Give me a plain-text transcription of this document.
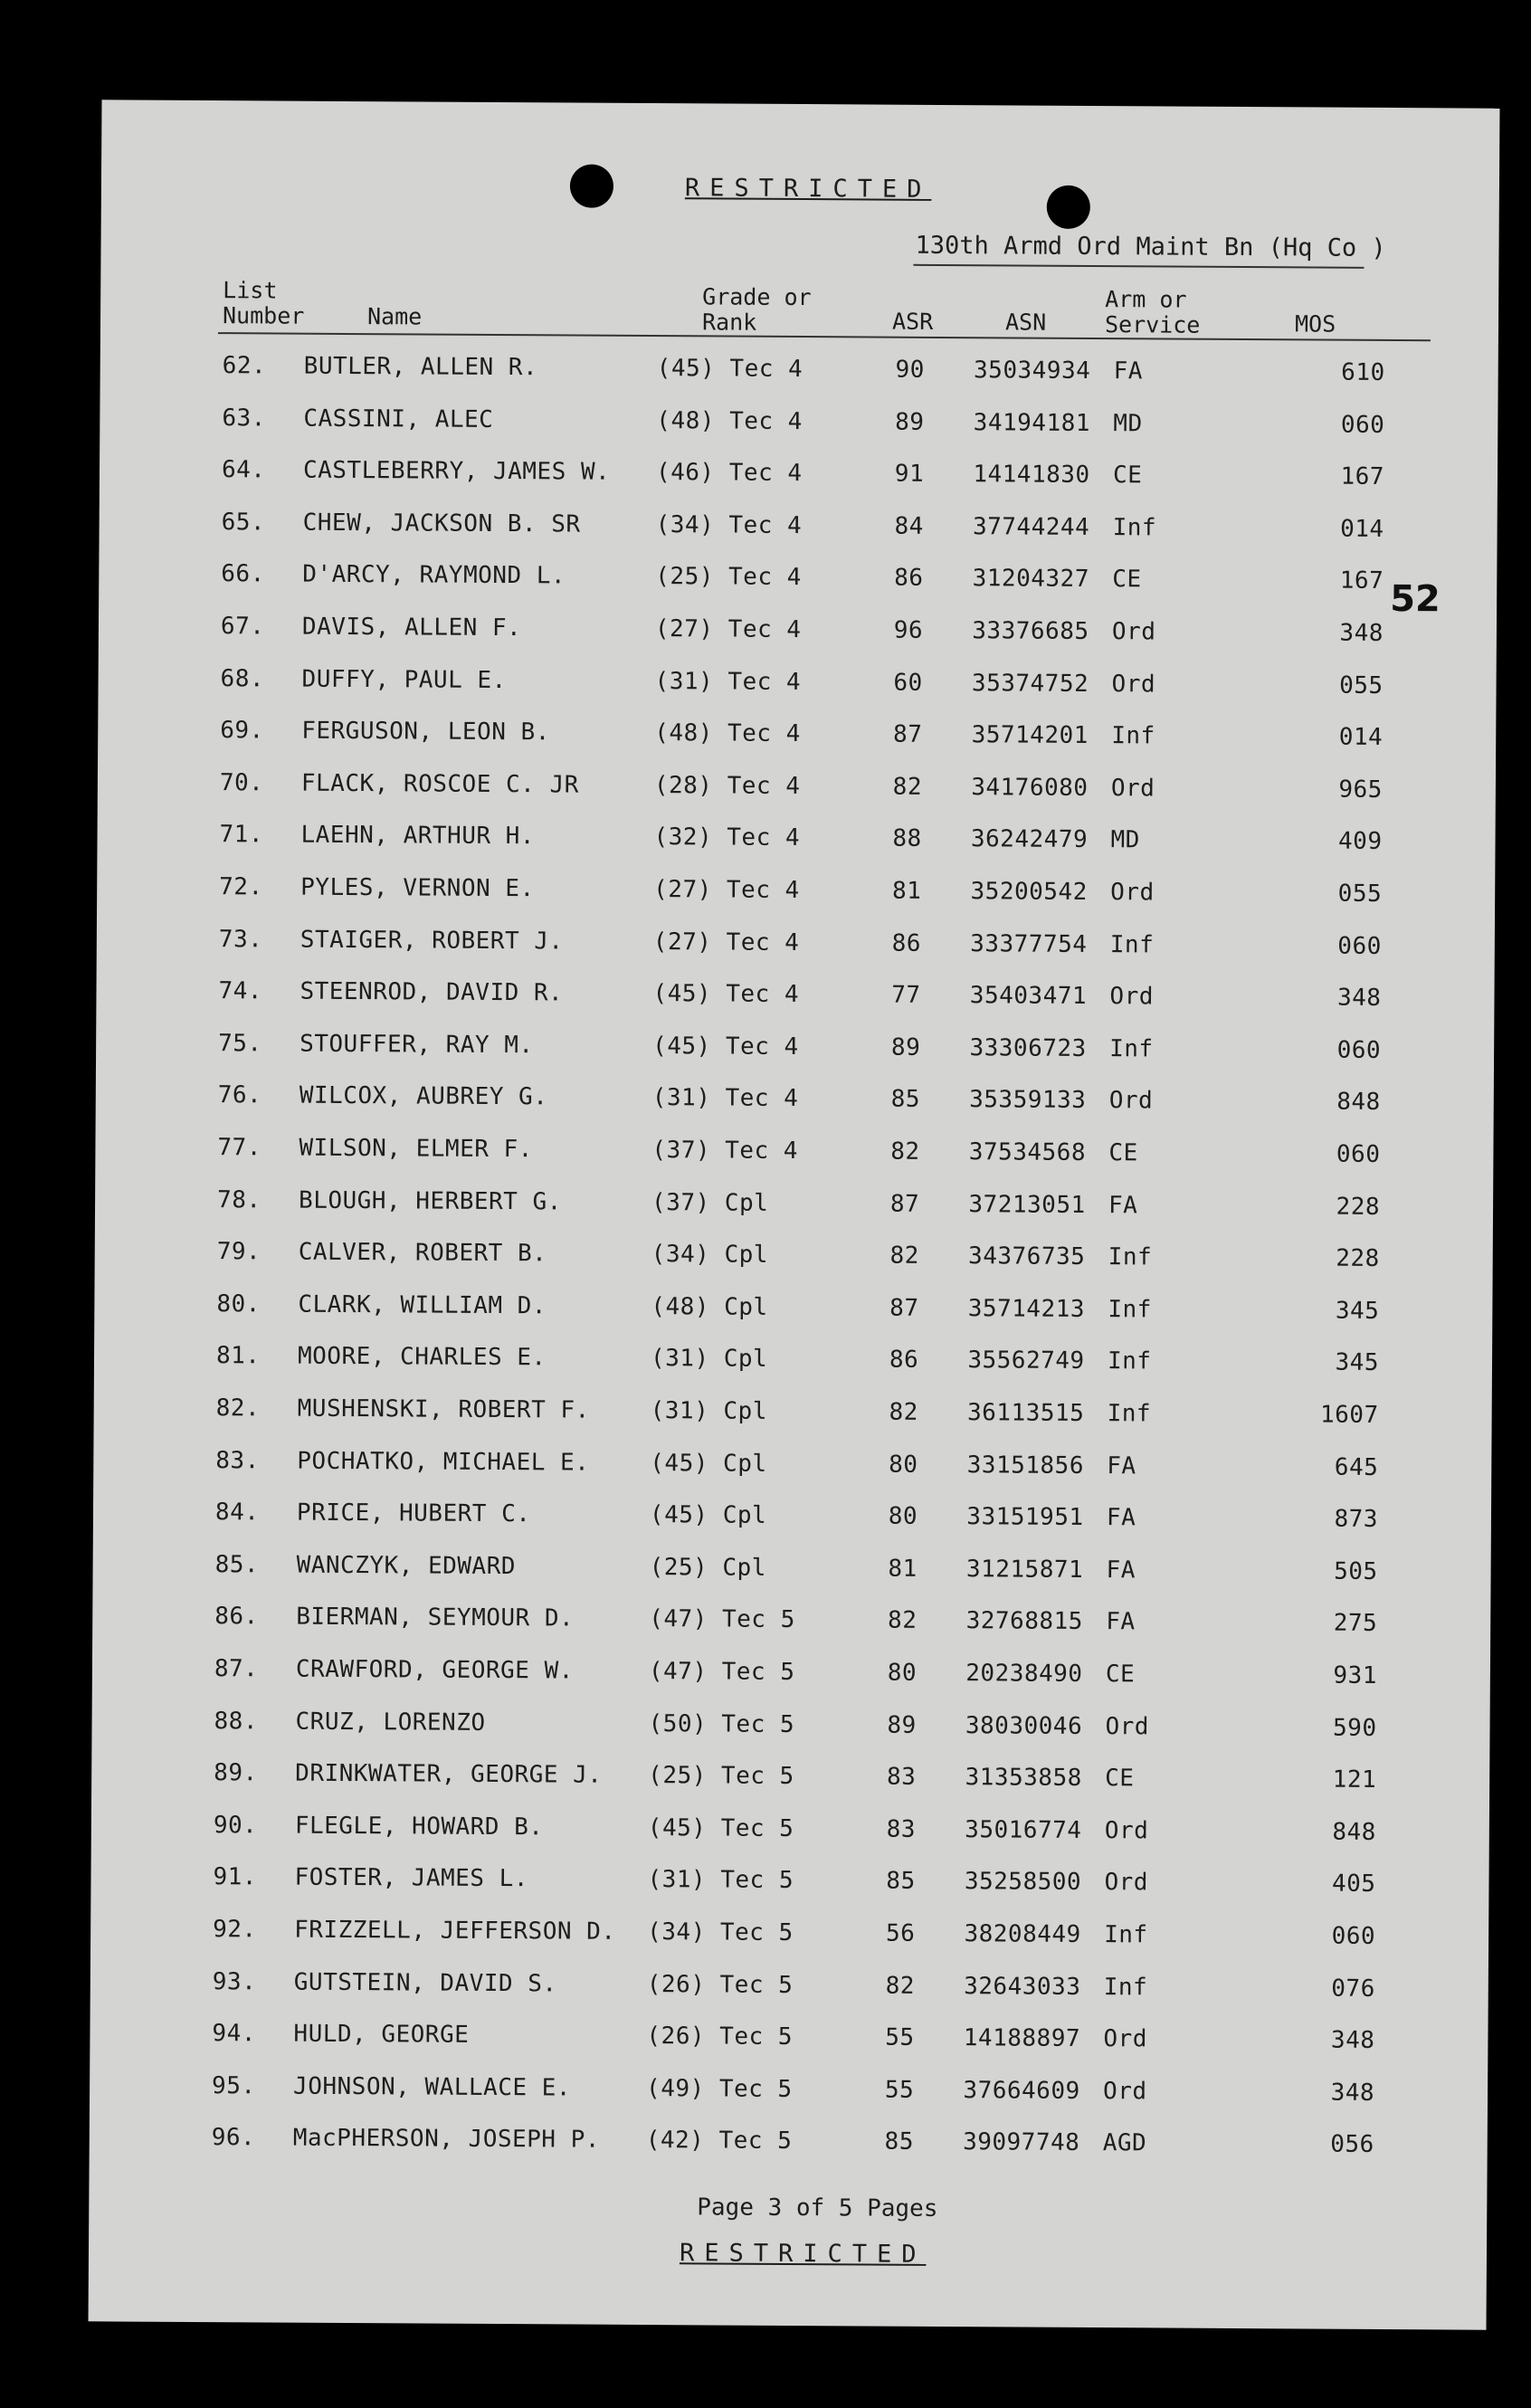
RESTRICTED
130th Armd Ord Maint Bn (Hq Co )
List
Number	Name
Grade or
Rank	ASR	ASN
Arm or
Service	MOS
62. BUTLER, ALLEN R.	(45) Tec 4	90	35034934 FA	610
63. CASSINI, ALEC	(48) Tec 4	89	34194181 MD	060
64. CASTLEBERRY, JAMES W. (46) Tec 4	91	14141830 CE	167
65. CHEW, JACKSON B. SR	(34) Tec 4	84	37744244 Inf	014
66. D'ARCY, RAYMOND L.	(25) Tec 4	86	31204327 CE	167
67. DAVIS, ALLEN F.	(27) Tec 4	96	33376685 Ord	348
68. DUFFY, PAUL E.	(31) Tec 4	60	35374752 Ord	055
69. FERGUSON, LEON B.	(48) Tec 4	87	35714201 Inf	014
70. FLACK, ROSCOE C. JR	(28) Tec 4	82	34176080 Ord	965
71. LAEHN, ARTHUR H.	(32) Tec 4	88	36242479 MD	409
72. PYLES, VERNON E.	(27) Tec 4	81	35200542 Ord	055
73. STAIGER, ROBERT J.	(27) Tec 4	86	33377754 Inf	060
74. STEENROD, DAVID R.	(45) Tec 4	77	35403471 Ord	348
75. STOUFFER, RAY M.	(45) Tec 4	89	33306723 Inf	060
76. WILCOX, AUBREY G.	(31) Tec 4	85	35359133 Ord	848
77. WILSON, ELMER F.	(37) Tec 4	82	37534568 CE	060
78. BLOUGH, HERBERT G.	(37) Cpl	87	37213051 FA	228
79. CALVER, ROBERT B.	(34) Cpl	82	34376735 Inf	228
80. CLARK, WILLIAM D.	(48) Cpl	87	35714213 Inf	345
81. MOORE, CHARLES E.	(31) Cpl	86	35562749 Inf	345
82. MUSHENSKI, ROBERT F.	(31) Cpl	82	36113515 Inf	1607
83. POCHATKO, MICHAEL E.	(45) Cpl	80	33151856 FA	645
84. PRICE, HUBERT C.	(45) Cpl	80	33151951 FA	873
85. WANCZYK, EDWARD	(25) Cpl	81	31215871 FA	505
86. BIERMAN, SEYMOUR D.	(47) Tec 5	82	32768815 FA	275
87. CRAWFORD, GEORGE W.	(47) Tec 5	80	20238490 CE	931
88. CRUZ, LORENZO	(50) Tec 5	89	38030046 Ord	590
89. DRINKWATER, GEORGE J. (25) Tec 5	83	31353858 CE	121
90. FLEGLE, HOWARD B.	(45) Tec 5	83	35016774 Ord	848
91. FOSTER, JAMES L.	(31) Tec 5	85	35258500 Ord	405
92. FRIZZELL, JEFFERSON D. (34) Tec 5	56	38208449 Inf	060
93. GUTSTEIN, DAVID S.	(26) Tec 5	82	32643033 Inf	076
94. HULD, GEORGE	(26) Tec 5	55	14188897 Ord	348
95. JOHNSON, WALLACE E.	(49) Tec 5	55	37664609 Ord	348
96. MacPHERSON, JOSEPH P. (42) Tec 5	85	39097748 AGD	056
52
Page 3 of 5 Pages
RESTRICTED
